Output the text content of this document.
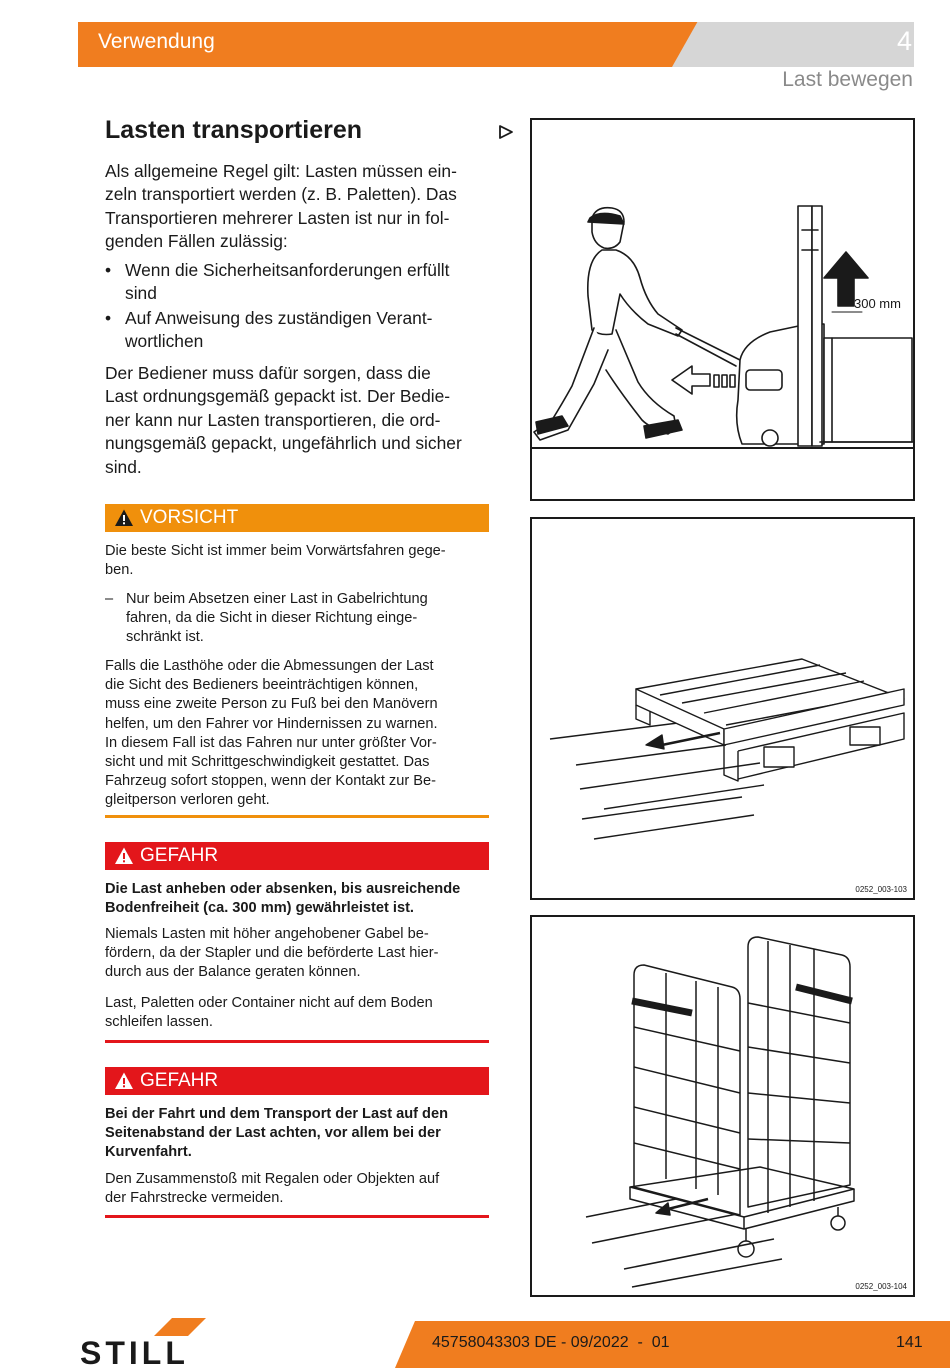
Verwendung	4
Last bewegen
Lasten transportieren
Als allgemeine Regel gilt: Lasten müssen ein-
zeln transportiert werden (z. B. Paletten). Das
Transportieren mehrerer Lasten ist nur in fol-
genden Fällen zulässig:
• Wenn die Sicherheitsanforderungen erfüllt
sind
• Auf Anweisung des zuständigen Verant-
wortlichen
Der Bediener muss dafür sorgen, dass die
Last ordnungsgemäß gepackt ist. Der Bedie-
ner kann nur Lasten transportieren, die ord-
nungsgemäß gepackt, ungefährlich und sicher
sind.
VORSICHT
Die beste Sicht ist immer beim Vorwärtsfahren gege-
ben.
– Nur beim Absetzen einer Last in Gabelrichtung
fahren, da die Sicht in dieser Richtung einge-
schränkt ist.
Falls die Lasthöhe oder die Abmessungen der Last
die Sicht des Bedieners beeinträchtigen können,
muss eine zweite Person zu Fuß bei den Manövern
helfen, um den Fahrer vor Hindernissen zu warnen.
In diesem Fall ist das Fahren nur unter größter Vor-
sicht und mit Schrittgeschwindigkeit gestattet. Das
Fahrzeug sofort stoppen, wenn der Kontakt zur Be-
gleitperson verloren geht.
GEFAHR
Die Last anheben oder absenken, bis ausreichende
Bodenfreiheit (ca. 300 mm) gewährleistet ist.
Niemals Lasten mit höher angehobener Gabel be-
fördern, da der Stapler und die beförderte Last hier-
durch aus der Balance geraten können.
Last, Paletten oder Container nicht auf dem Boden
schleifen lassen.
GEFAHR
Bei der Fahrt und dem Transport der Last auf den
Seitenabstand der Last achten, vor allem bei der
Kurvenfahrt.
Den Zusammenstoß mit Regalen oder Objekten auf
der Fahrstrecke vermeiden.
300 mm
0252_003-103
0252_003-104
STILL	45758043303 DE - 09/2022  -  01	141
